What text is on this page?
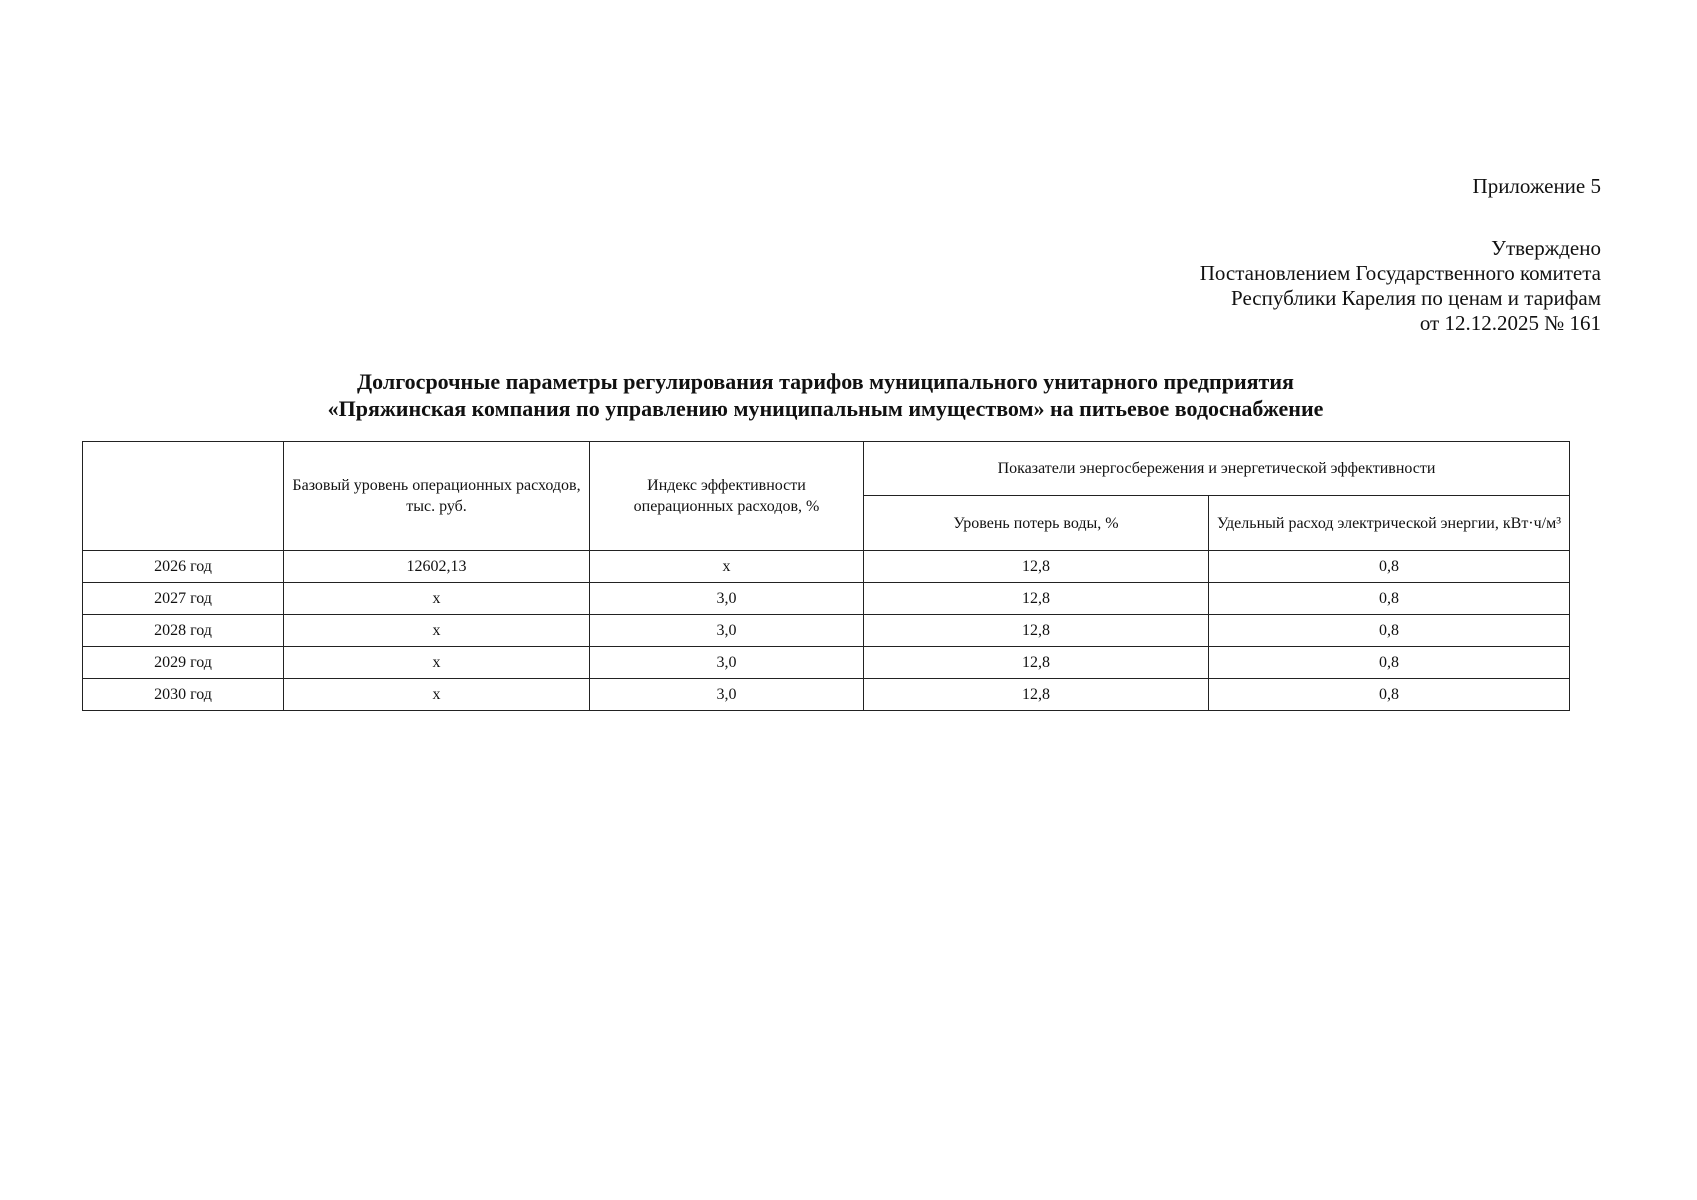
Приложение 5
Утверждено
Постановлением Государственного комитета
Республики Карелия по ценам и тарифам
от 12.12.2025 № 161
Долгосрочные параметры регулирования тарифов муниципального унитарного предприятия
«Пряжинская компания по управлению муниципальным имуществом» на питьевое водоснабжение
	Базовый уровень операционных расходов, тыс. руб.	Индекс эффективности операционных расходов, %	Показатели энергосбережения и энергетической эффективности	
			Уровень потерь воды, %	Удельный расход электрической энергии, кВт·ч/м³
2026 год	12602,13	х	12,8	0,8
2027 год	х	3,0	12,8	0,8
2028 год	х	3,0	12,8	0,8
2029 год	х	3,0	12,8	0,8
2030 год	х	3,0	12,8	0,8
